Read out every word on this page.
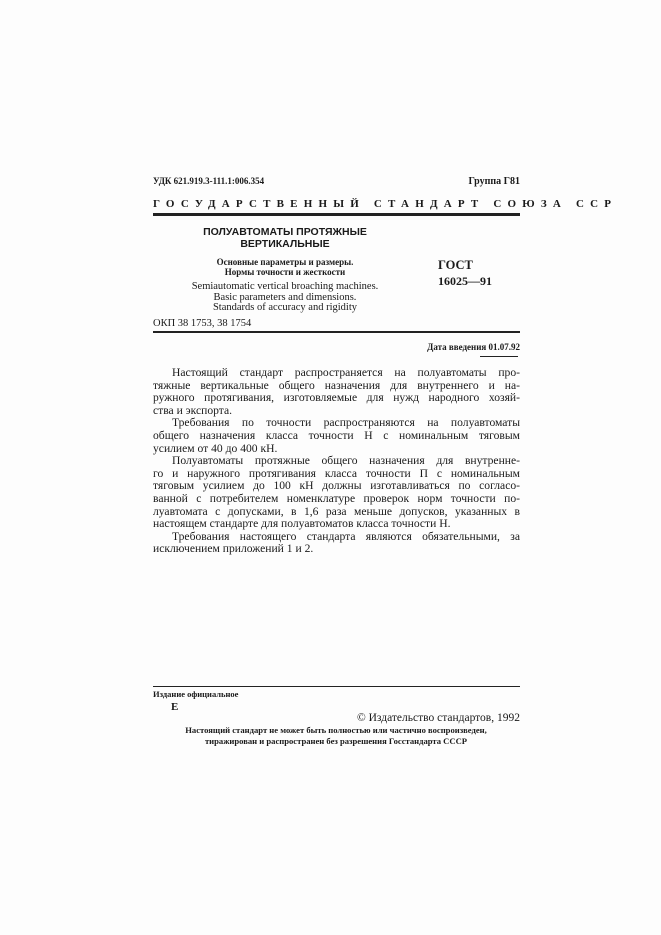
УДК 621.919.3-111.1:006.354	Группа Г81
ГОСУДАРСТВЕННЫЙ СТАНДАРТ СОЮЗА ССР
ПОЛУАВТОМАТЫ ПРОТЯЖНЫЕ
ВЕРТИКАЛЬНЫЕ
Основные параметры и размеры.
Нормы точности и жесткости
Semiautomatic vertical broaching machines.
Basic parameters and dimensions.
Standards of accuracy and rigidity
ГОСТ
16025—91
ОКП 38 1753, 38 1754
Дата введения 01.07.92
Настоящий стандарт распространяется на полуавтоматы про-
тяжные вертикальные общего назначения для внутреннего и на-
ружного протягивания, изготовляемые для нужд народного хозяй-
ства и экспорта.
Требования по точности распространяются на полуавтоматы
общего назначения класса точности Н с номинальным тяговым
усилием от 40 до 400 кН.
Полуавтоматы протяжные общего назначения для внутренне-
го и наружного протягивания класса точности П с номинальным
тяговым усилием до 100 кН должны изготавливаться по согласо-
ванной с потребителем номенклатуре проверок норм точности по-
луавтомата с допусками, в 1,6 раза меньше допусков, указанных в
настоящем стандарте для полуавтоматов класса точности Н.
Требования настоящего стандарта являются обязательными, за
исключением приложений 1 и 2.
Издание официальное
Е
© Издательство стандартов, 1992
Настоящий стандарт не может быть полностью или частично воспроизведен,
тиражирован и распространен без разрешения Госстандарта СССР
